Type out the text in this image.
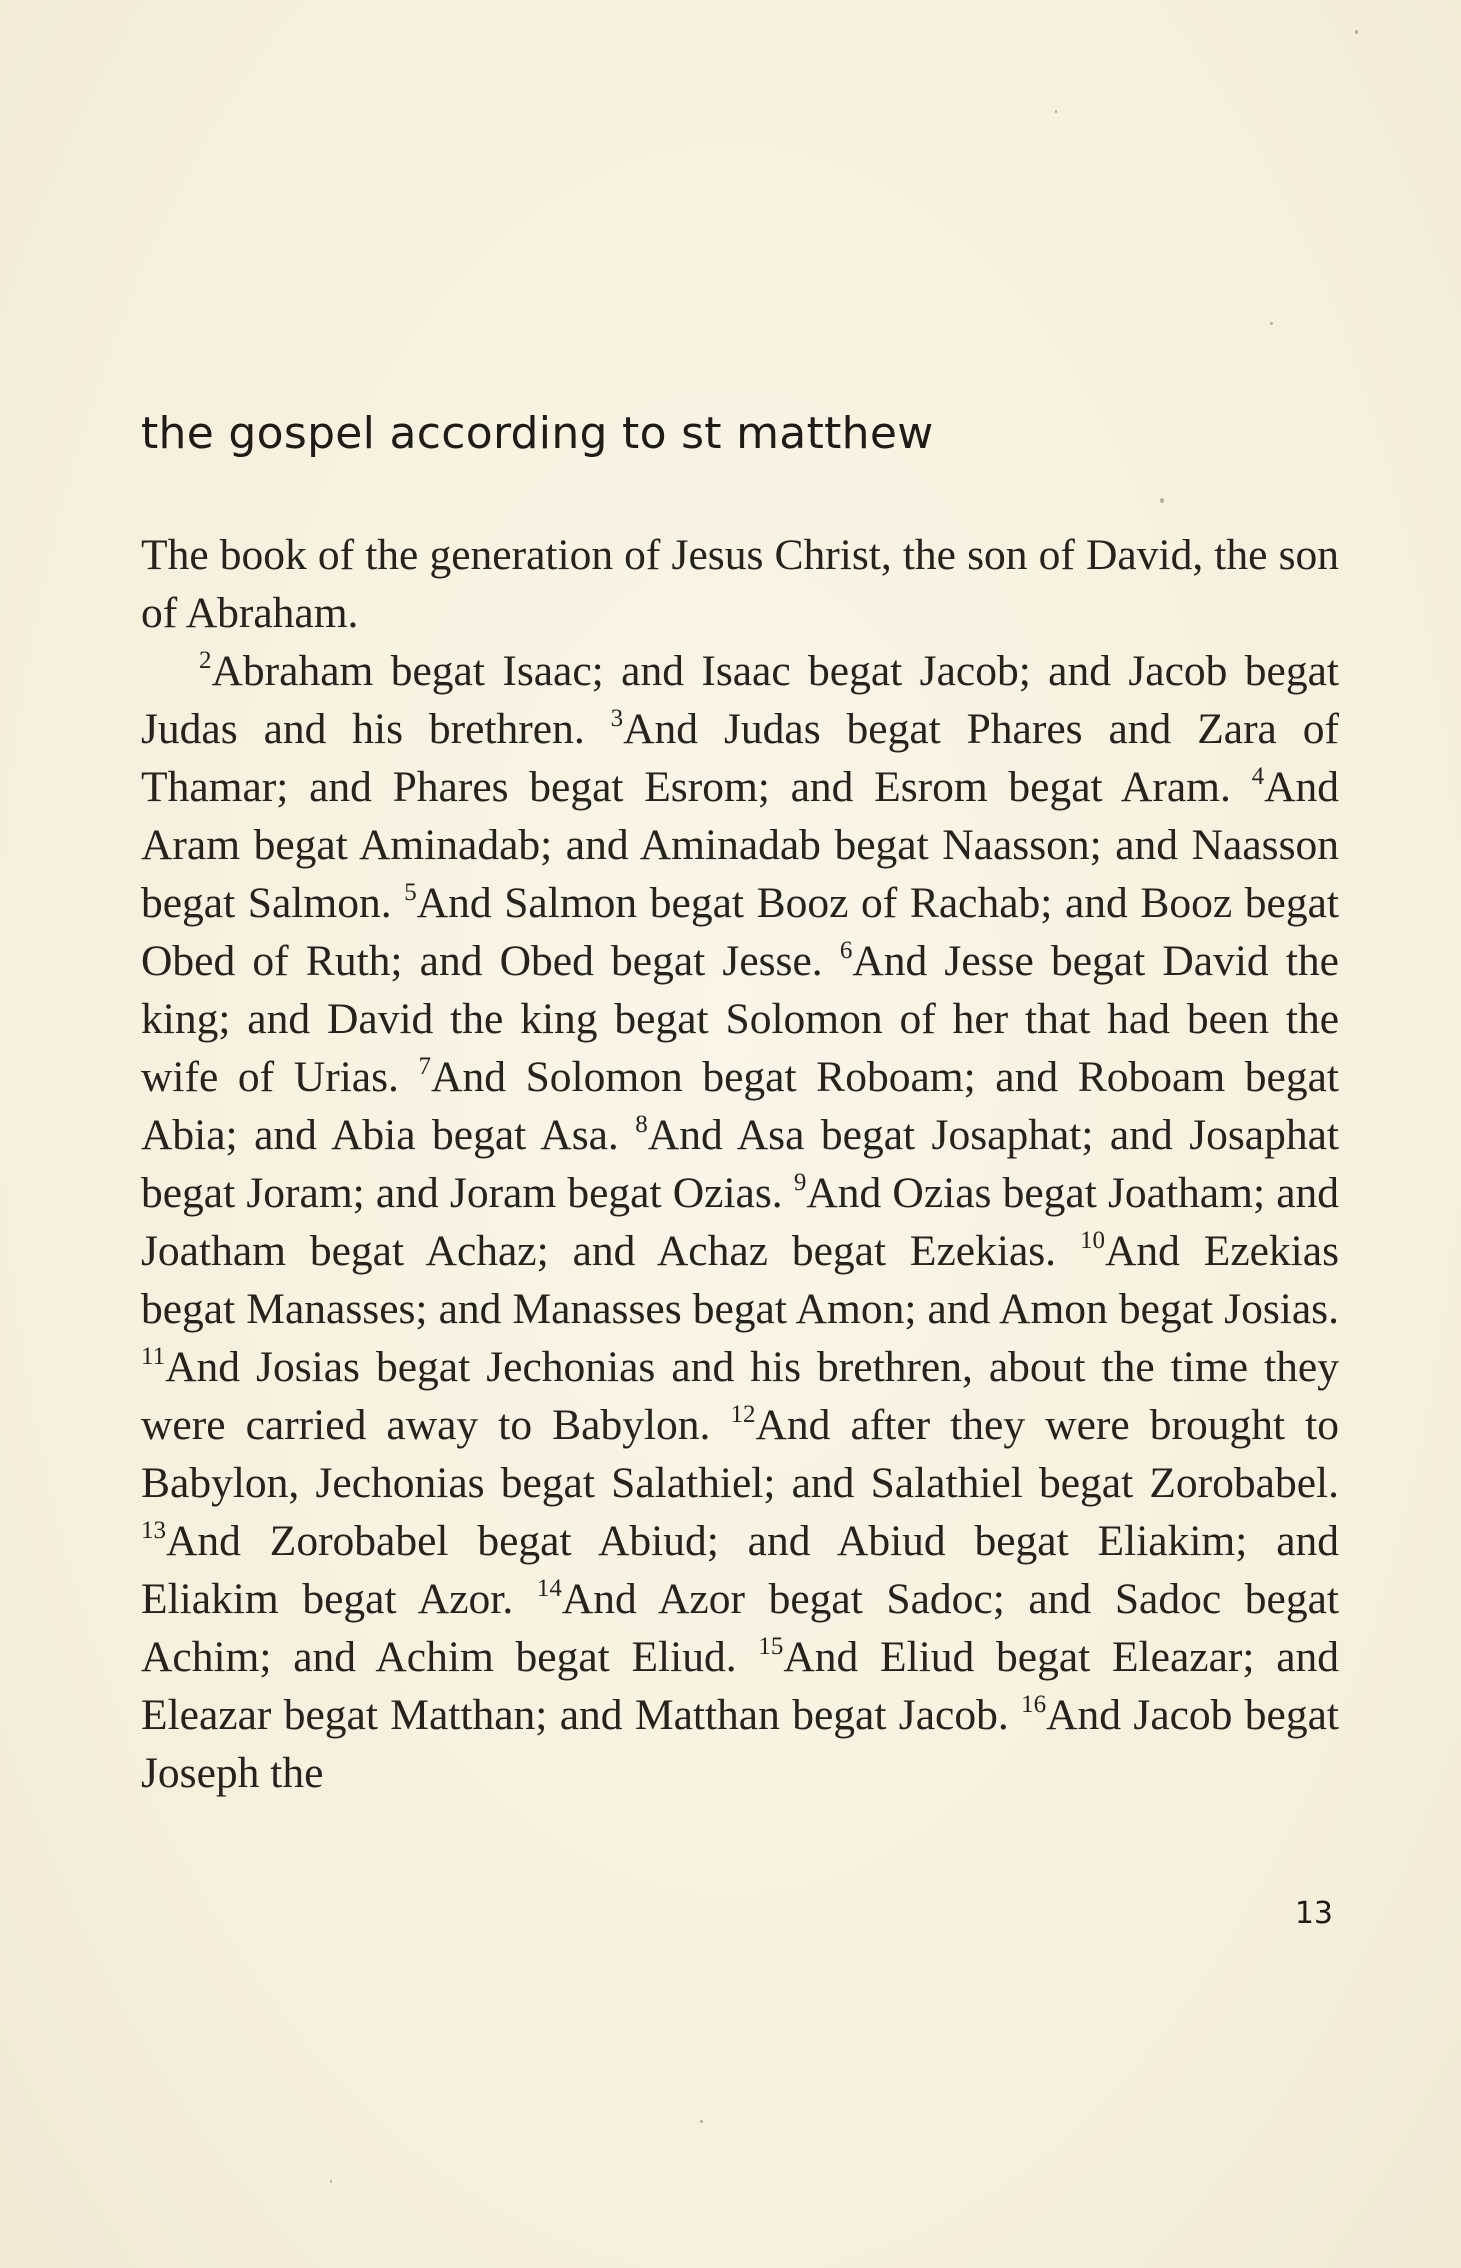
the gospel according to st matthew

The book of the generation of Jesus Christ, the son of David, the son of Abraham.

$^2$Abraham begat Isaac; and Isaac begat Jacob; and Jacob begat Judas and his brethren. $^3$And Judas begat Phares and Zara of Thamar; and Phares begat Esrom; and Esrom begat Aram. $^4$And Aram begat Aminadab; and Aminadab begat Naasson; and Naasson begat Salmon. $^5$And Salmon begat Booz of Rachab; and Booz begat Obed of Ruth; and Obed begat Jesse. $^6$And Jesse begat David the king; and David the king begat Solomon of her that had been the wife of Urias. $^7$And Solomon begat Roboam; and Roboam begat Abia; and Abia begat Asa. $^8$And Asa begat Josaphat; and Josaphat begat Joram; and Joram begat Ozias. $^9$And Ozias begat Joatham; and Joatham begat Achaz; and Achaz begat Ezekias. $^{10}$And Ezekias begat Manasses; and Manasses begat Amon; and Amon begat Josias. $^{11}$And Josias begat Jechonias and his brethren, about the time they were carried away to Babylon. $^{12}$And after they were brought to Babylon, Jechonias begat Salathiel; and Salathiel begat Zorobabel. $^{13}$And Zorobabel begat Abiud; and Abiud begat Eliakim; and Eliakim begat Azor. $^{14}$And Azor begat Sadoc; and Sadoc begat Achim; and Achim begat Eliud. $^{15}$And Eliud begat Eleazar; and Eleazar begat Matthan; and Matthan begat Jacob. $^{16}$And Jacob begat Joseph the

13
